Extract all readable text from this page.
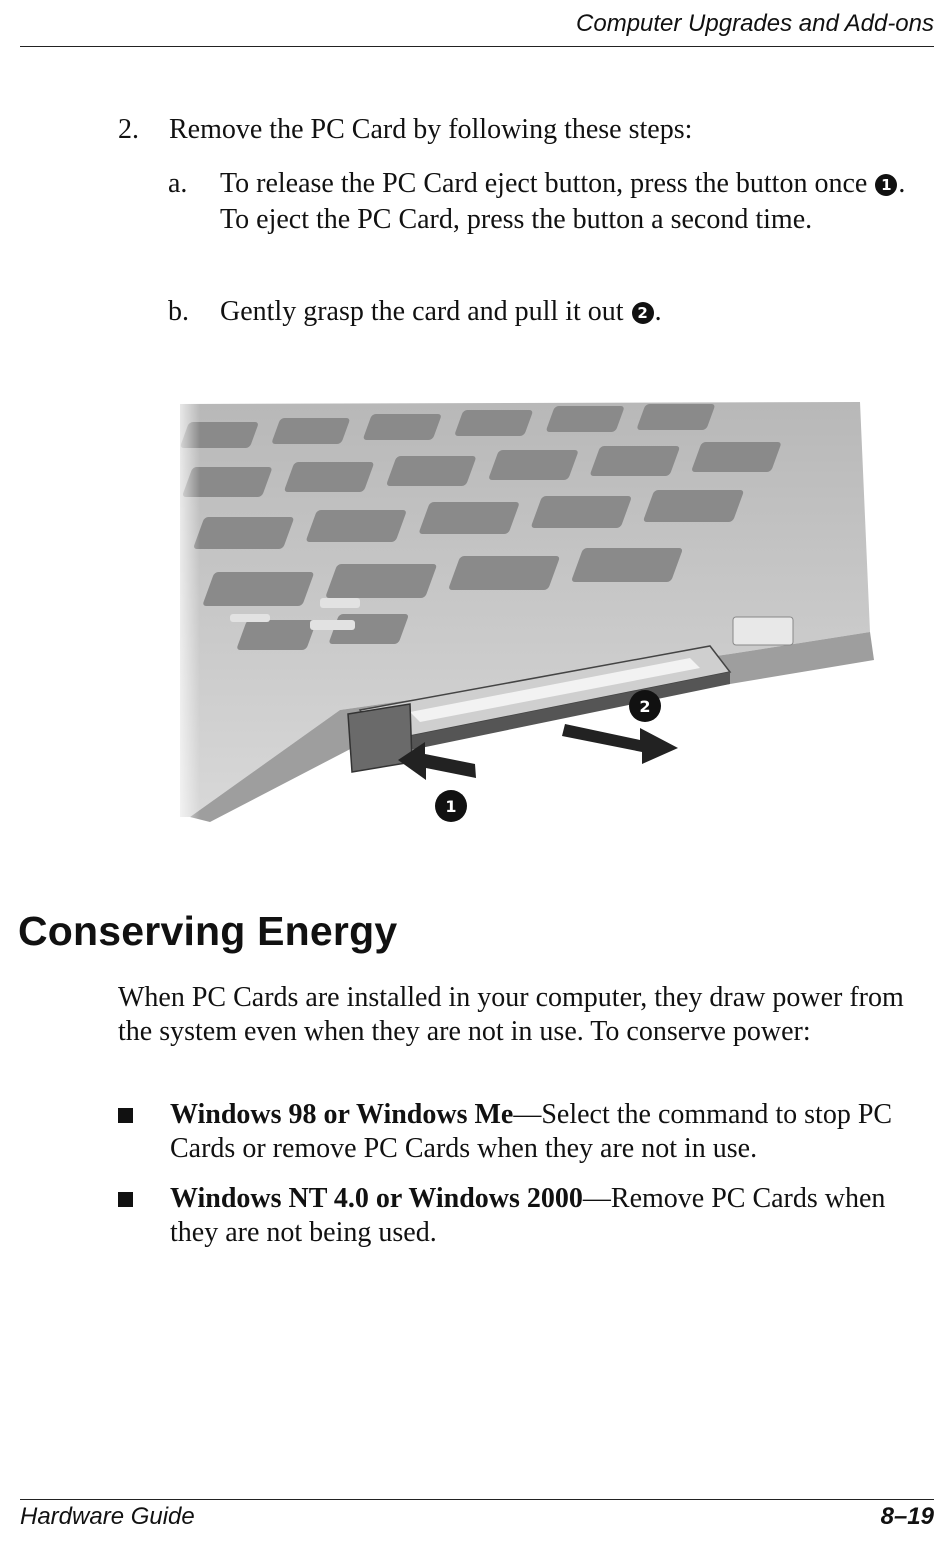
Computer Upgrades and Add-ons
2. Remove the PC Card by following these steps:
a. To release the PC Card eject button, press the button once 1 . To eject the PC Card, press the button a second time.
b. Gently grasp the card and pull it out 2 .
2
1
Conserving Energy
When PC Cards are installed in your computer, they draw power from the system even when they are not in use. To conserve power:
Windows 98 or Windows Me—Select the command to stop PC Cards or remove PC Cards when they are not in use.
Windows NT 4.0 or Windows 2000—Remove PC Cards when they are not being used.
Hardware Guide	8–19
